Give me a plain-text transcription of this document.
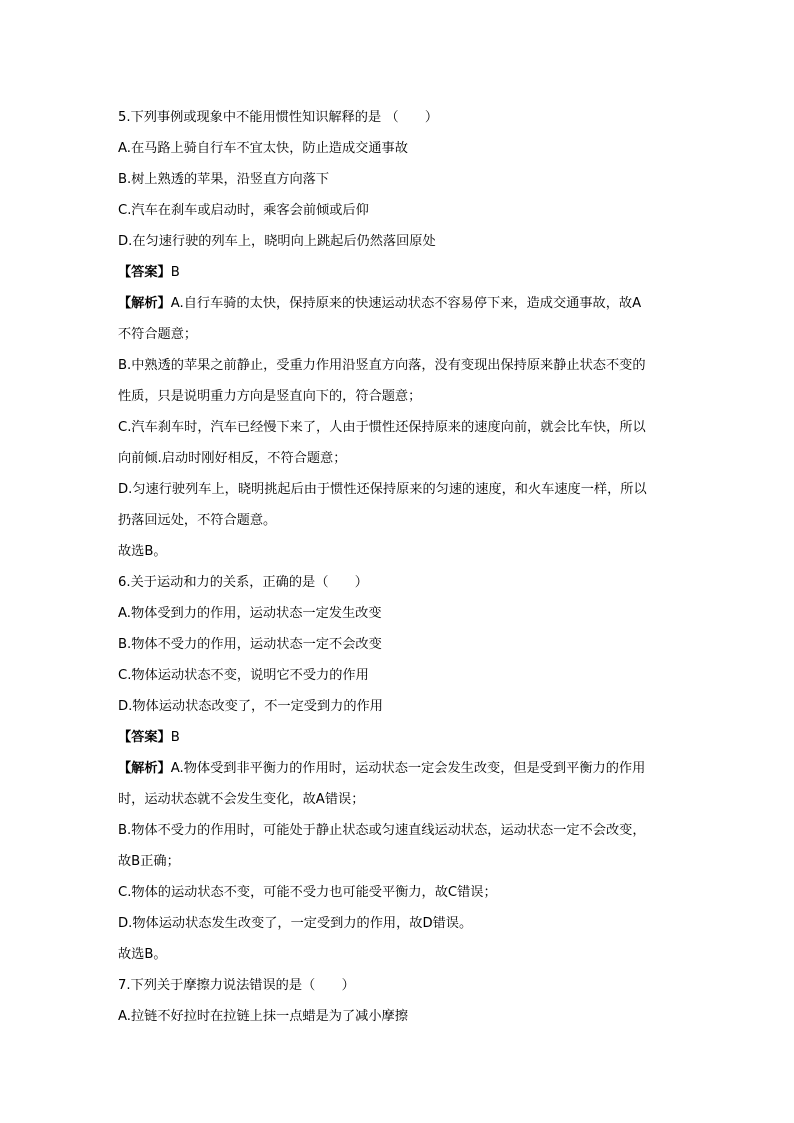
5.下列事例或现象中不能用惯性知识解释的是 （　　）
A.在马路上骑自行车不宜太快，防止造成交通事故
B.树上熟透的苹果，沿竖直方向落下
C.汽车在刹车或启动时，乘客会前倾或后仰
D.在匀速行驶的列车上，晓明向上跳起后仍然落回原处
【答案】B
【解析】A.自行车骑的太快，保持原来的快速运动状态不容易停下来，造成交通事故，故A
不符合题意；
B.中熟透的苹果之前静止，受重力作用沿竖直方向落，没有变现出保持原来静止状态不变的
性质，只是说明重力方向是竖直向下的，符合题意；
C.汽车刹车时，汽车已经慢下来了，人由于惯性还保持原来的速度向前，就会比车快，所以
向前倾.启动时刚好相反，不符合题意；
D.匀速行驶列车上，晓明挑起后由于惯性还保持原来的匀速的速度，和火车速度一样，所以
扔落回远处，不符合题意。
故选B。
6.关于运动和力的关系，正确的是（　　）
A.物体受到力的作用，运动状态一定发生改变
B.物体不受力的作用，运动状态一定不会改变
C.物体运动状态不变，说明它不受力的作用
D.物体运动状态改变了，不一定受到力的作用
【答案】B
【解析】A.物体受到非平衡力的作用时，运动状态一定会发生改变，但是受到平衡力的作用
时，运动状态就不会发生变化，故A错误；
B.物体不受力的作用时，可能处于静止状态或匀速直线运动状态，运动状态一定不会改变，
故B正确；
C.物体的运动状态不变，可能不受力也可能受平衡力，故C错误；
D.物体运动状态发生改变了，一定受到力的作用，故D错误。
故选B。
7.下列关于摩擦力说法错误的是（　　）
A.拉链不好拉时在拉链上抹一点蜡是为了减小摩擦
